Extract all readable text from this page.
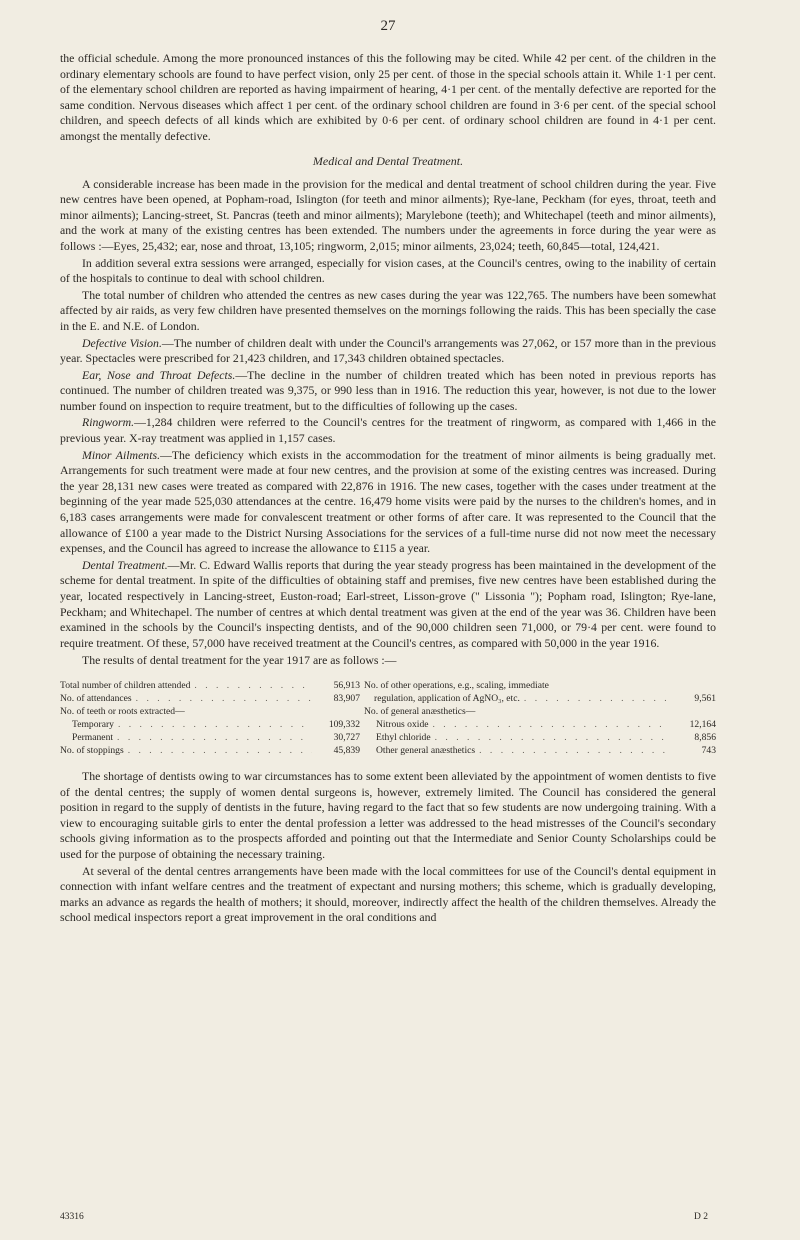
27

the official schedule. Among the more pronounced instances of this the following may be cited. While 42 per cent. of the children in the ordinary elementary schools are found to have perfect vision, only 25 per cent. of those in the special schools attain it. While 1·1 per cent. of the elementary school children are reported as having impairment of hearing, 4·1 per cent. of the mentally defective are reported for the same condition. Nervous diseases which affect 1 per cent. of the ordinary school children are found in 3·6 per cent. of the special school children, and speech defects of all kinds which are exhibited by 0·6 per cent. of ordinary school children are found in 4·1 per cent. amongst the mentally defective.

Medical and Dental Treatment.

A considerable increase has been made in the provision for the medical and dental treatment of school children during the year. Five new centres have been opened, at Popham-road, Islington (for teeth and minor ailments); Rye-lane, Peckham (for eyes, throat, teeth and minor ailments); Lancing-street, St. Pancras (teeth and minor ailments); Marylebone (teeth); and Whitechapel (teeth and minor ailments), and the work at many of the existing centres has been extended. The numbers under the agreements in force during the year were as follows :—Eyes, 25,432; ear, nose and throat, 13,105; ringworm, 2,015; minor ailments, 23,024; teeth, 60,845—total, 124,421.

In addition several extra sessions were arranged, especially for vision cases, at the Council's centres, owing to the inability of certain of the hospitals to continue to deal with school children.

The total number of children who attended the centres as new cases during the year was 122,765. The numbers have been somewhat affected by air raids, as very few children have presented themselves on the mornings following the raids. This has been specially the case in the E. and N.E. of London.

Defective Vision.—The number of children dealt with under the Council's arrangements was 27,062, or 157 more than in the previous year. Spectacles were prescribed for 21,423 children, and 17,343 children obtained spectacles.

Ear, Nose and Throat Defects.—The decline in the number of children treated which has been noted in previous reports has continued. The number of children treated was 9,375, or 990 less than in 1916. The reduction this year, however, is not due to the lower number found on inspection to require treatment, but to the difficulties of following up the cases.

Ringworm.—1,284 children were referred to the Council's centres for the treatment of ringworm, as compared with 1,466 in the previous year. X-ray treatment was applied in 1,157 cases.

Minor Ailments.—The deficiency which exists in the accommodation for the treatment of minor ailments is being gradually met. Arrangements for such treatment were made at four new centres, and the provision at some of the existing centres was increased. During the year 28,131 new cases were treated as compared with 22,876 in 1916. The new cases, together with the cases under treatment at the beginning of the year made 525,030 attendances at the centre. 16,479 home visits were paid by the nurses to the children's homes, and in 6,183 cases arrangements were made for convalescent treatment or other forms of after care. It was represented to the Council that the allowance of £100 a year made to the District Nursing Associations for the services of a full-time nurse did not now meet the necessary expenses, and the Council has agreed to increase the allowance to £115 a year.

Dental Treatment.—Mr. C. Edward Wallis reports that during the year steady progress has been maintained in the development of the scheme for dental treatment. In spite of the difficulties of obtaining staff and premises, five new centres have been established during the year, located respectively in Lancing-street, Euston-road; Earl-street, Lisson-grove (" Lissonia "); Popham road, Islington; Rye-lane, Peckham; and Whitechapel. The number of centres at which dental treatment was given at the end of the year was 36. Children have been examined in the schools by the Council's inspecting dentists, and of the 90,000 children seen 71,000, or 79·4 per cent. were found to require treatment. Of these, 57,000 have received treatment at the Council's centres, as compared with 50,000 in the year 1916.

The results of dental treatment for the year 1917 are as follows :—

Total number of children attended . . .	56,913
No. of attendances . . .	83,907
No. of teeth or roots extracted—
Temporary . . .	109,332
Permanent . . .	30,727
No. of stoppings . . .	45,839
No. of other operations, e.g., scaling, immediate
regulation, application of AgNO₃, etc. . . .	9,561
No. of general anæsthetics—
Nitrous oxide . . .	12,164
Ethyl chloride . . .	8,856
Other general anæsthetics . . .	743

The shortage of dentists owing to war circumstances has to some extent been alleviated by the appointment of women dentists to five of the dental centres; the supply of women dental surgeons is, however, extremely limited. The Council has considered the general position in regard to the supply of dentists in the future, having regard to the fact that so few students are now undergoing training. With a view to encouraging suitable girls to enter the dental profession a letter was addressed to the head mistresses of the Council's secondary schools giving information as to the prospects afforded and pointing out that the Intermediate and Senior County Scholarships could be used for the purpose of obtaining the necessary training.

At several of the dental centres arrangements have been made with the local committees for use of the Council's dental equipment in connection with infant welfare centres and the treatment of expectant and nursing mothers; this scheme, which is gradually developing, marks an advance as regards the health of mothers; it should, moreover, indirectly affect the health of the children themselves. Already the school medical inspectors report a great improvement in the oral conditions and

43316	D 2
